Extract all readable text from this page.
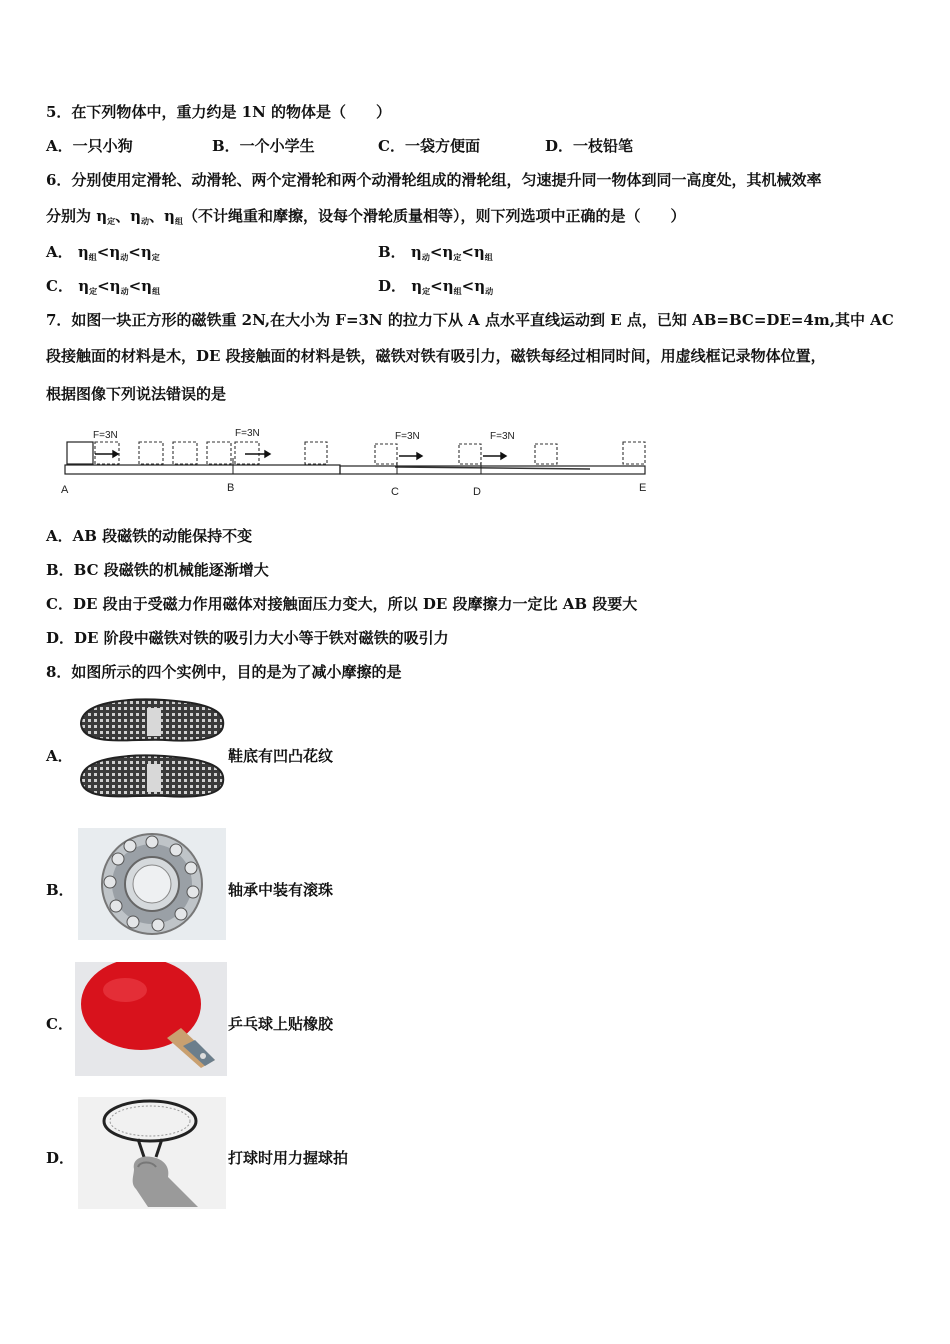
5．在下列物体中，重力约是 1N 的物体是（　　）
A．一只小狗	B．一个小学生	C．一袋方便面	D．一枝铅笔
6．分别使用定滑轮、动滑轮、两个定滑轮和两个动滑轮组成的滑轮组，匀速提升同一物体到同一高度处，其机械效率
分别为 $\eta_定$、$\eta_动$、$\eta_组$（不计绳重和摩擦，设每个滑轮质量相等），则下列选项中正确的是（　　）
A． $\eta_组<\eta_动<\eta_定$	B． $\eta_动<\eta_定<\eta_组$
C． $\eta_定<\eta_动<\eta_组$	D． $\eta_定<\eta_组<\eta_动$
7．如图一块正方形的磁铁重 2N,在大小为 F=3N 的拉力下从 A 点水平直线运动到 E 点，已知 AB=BC=DE=4m,其中 AC
段接触面的材料是木，DE 段接触面的材料是铁，磁铁对铁有吸引力，磁铁每经过相同时间，用虚线框记录物体位置，
根据图像下列说法错误的是
F=3N	F=3N	F=3N	F=3N
A	B	C	D	E
A．AB 段磁铁的动能保持不变
B．BC 段磁铁的机械能逐渐增大
C．DE 段由于受磁力作用磁体对接触面压力变大，所以 DE 段摩擦力一定比 AB 段要大
D．DE 阶段中磁铁对铁的吸引力大小等于铁对磁铁的吸引力
8．如图所示的四个实例中，目的是为了减小摩擦的是
A．	鞋底有凹凸花纹
B．	轴承中装有滚珠
C．	乒乓球上贴橡胶
D．	打球时用力握球拍
